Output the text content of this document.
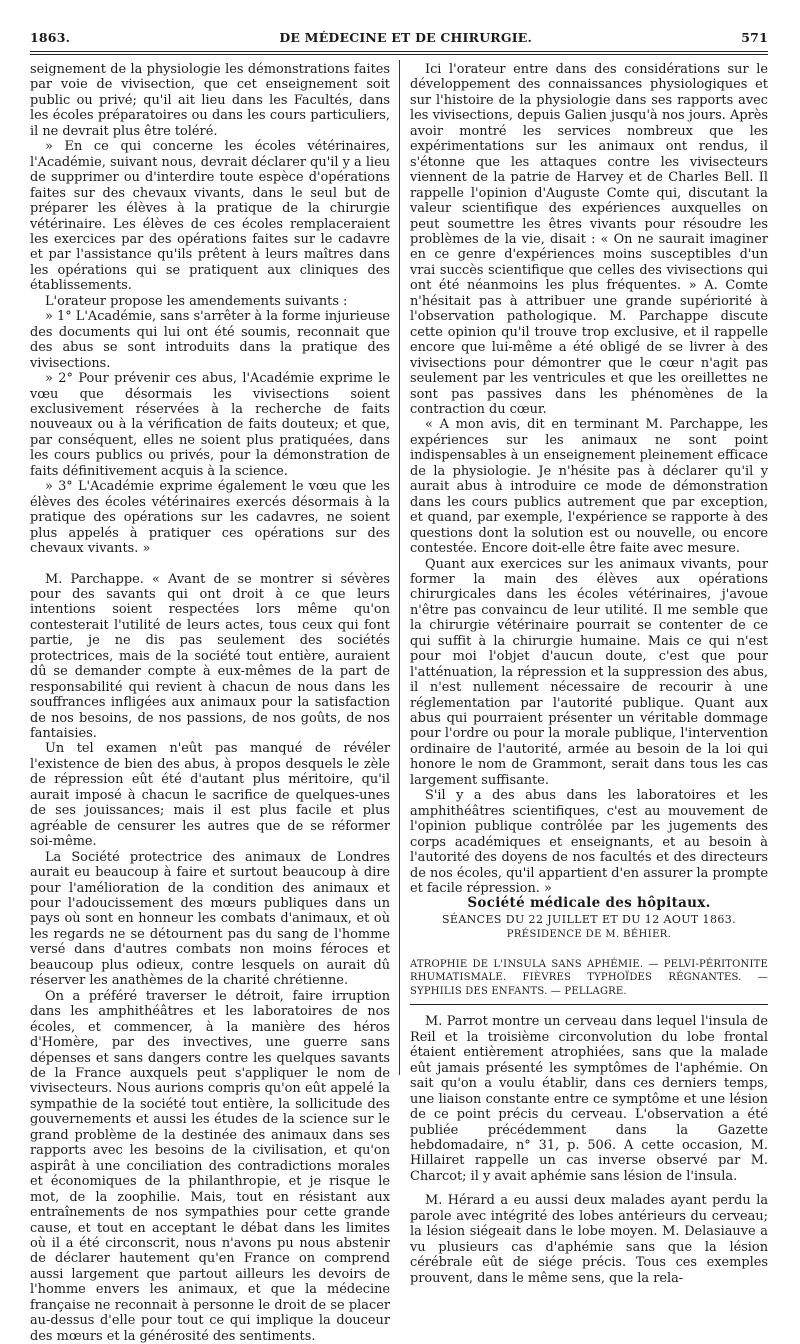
1863.	DE MÉDECINE ET DE CHIRURGIE.	571

seignement de la physiologie les démonstrations faites par voie de vivisection, que cet enseignement soit public ou privé; qu'il ait lieu dans les Facultés, dans les écoles préparatoires ou dans les cours particuliers, il ne devrait plus être toléré.

» En ce qui concerne les écoles vétérinaires, l'Académie, suivant nous, devrait déclarer qu'il y a lieu de supprimer ou d'interdire toute espèce d'opérations faites sur des chevaux vivants, dans le seul but de préparer les élèves à la pratique de la chirurgie vétérinaire. Les élèves de ces écoles remplaceraient les exercices par des opérations faites sur le cadavre et par l'assistance qu'ils prêtent à leurs maîtres dans les opérations qui se pratiquent aux cliniques des établissements.

L'orateur propose les amendements suivants :

» 1° L'Académie, sans s'arrêter à la forme injurieuse des documents qui lui ont été soumis, reconnait que des abus se sont introduits dans la pratique des vivisections.

» 2° Pour prévenir ces abus, l'Académie exprime le vœu que désormais les vivisections soient exclusivement réservées à la recherche de faits nouveaux ou à la vérification de faits douteux; et que, par conséquent, elles ne soient plus pratiquées, dans les cours publics ou privés, pour la démonstration de faits définitivement acquis à la science.

» 3° L'Académie exprime également le vœu que les élèves des écoles vétérinaires exercés désormais à la pratique des opérations sur les cadavres, ne soient plus appelés à pratiquer ces opérations sur des chevaux vivants. »

M. Parchappe. « Avant de se montrer si sévères pour des savants qui ont droit à ce que leurs intentions soient respectées lors même qu'on contesterait l'utilité de leurs actes, tous ceux qui font partie, je ne dis pas seulement des sociétés protectrices, mais de la société tout entière, auraient dû se demander compte à eux-mêmes de la part de responsabilité qui revient à chacun de nous dans les souffrances infligées aux animaux pour la satisfaction de nos besoins, de nos passions, de nos goûts, de nos fantaisies.

Un tel examen n'eût pas manqué de révéler l'existence de bien des abus, à propos desquels le zèle de répression eût été d'autant plus méritoire, qu'il aurait imposé à chacun le sacrifice de quelques-unes de ses jouissances; mais il est plus facile et plus agréable de censurer les autres que de se réformer soi-même.

La Société protectrice des animaux de Londres aurait eu beaucoup à faire et surtout beaucoup à dire pour l'amélioration de la condition des animaux et pour l'adoucissement des mœurs publiques dans un pays où sont en honneur les combats d'animaux, et où les regards ne se détournent pas du sang de l'homme versé dans d'autres combats non moins féroces et beaucoup plus odieux, contre lesquels on aurait dû réserver les anathèmes de la charité chrétienne.

On a préféré traverser le détroit, faire irruption dans les amphithéâtres et les laboratoires de nos écoles, et commencer, à la manière des héros d'Homère, par des invectives, une guerre sans dépenses et sans dangers contre les quelques savants de la France auxquels peut s'appliquer le nom de vivisecteurs. Nous aurions compris qu'on eût appelé la sympathie de la société tout entière, la sollicitude des gouvernements et aussi les études de la science sur le grand problème de la destinée des animaux dans ses rapports avec les besoins de la civilisation, et qu'on aspirât à une conciliation des contradictions morales et économiques de la philanthropie, et je risque le mot, de la zoophilie. Mais, tout en résistant aux entraînements de nos sympathies pour cette grande cause, et tout en acceptant le débat dans les limites où il a été circonscrit, nous n'avons pu nous abstenir de déclarer hautement qu'en France on comprend aussi largement que partout ailleurs les devoirs de l'homme envers les animaux, et que la médecine française ne reconnait à personne le droit de se placer au-dessus d'elle pour tout ce qui implique la douceur des mœurs et la générosité des sentiments.

Ici l'orateur entre dans des considérations sur le développement des connaissances physiologiques et sur l'histoire de la physiologie dans ses rapports avec les vivisections, depuis Galien jusqu'à nos jours. Après avoir montré les services nombreux que les expérimentations sur les animaux ont rendus, il s'étonne que les attaques contre les vivisecteurs viennent de la patrie de Harvey et de Charles Bell. Il rappelle l'opinion d'Auguste Comte qui, discutant la valeur scientifique des expériences auxquelles on peut soumettre les êtres vivants pour résoudre les problèmes de la vie, disait : « On ne saurait imaginer en ce genre d'expériences moins susceptibles d'un vrai succès scientifique que celles des vivisections qui ont été néanmoins les plus fréquentes. » A. Comte n'hésitait pas à attribuer une grande supériorité à l'observation pathologique. M. Parchappe discute cette opinion qu'il trouve trop exclusive, et il rappelle encore que lui-même a été obligé de se livrer à des vivisections pour démontrer que le cœur n'agit pas seulement par les ventricules et que les oreillettes ne sont pas passives dans les phénomènes de la contraction du cœur.

« A mon avis, dit en terminant M. Parchappe, les expériences sur les animaux ne sont point indispensables à un enseignement pleinement efficace de la physiologie. Je n'hésite pas à déclarer qu'il y aurait abus à introduire ce mode de démonstration dans les cours publics autrement que par exception, et quand, par exemple, l'expérience se rapporte à des questions dont la solution est ou nouvelle, ou encore contestée. Encore doit-elle être faite avec mesure.

Quant aux exercices sur les animaux vivants, pour former la main des élèves aux opérations chirurgicales dans les écoles vétérinaires, j'avoue n'être pas convaincu de leur utilité. Il me semble que la chirurgie vétérinaire pourrait se contenter de ce qui suffit à la chirurgie humaine. Mais ce qui n'est pour moi l'objet d'aucun doute, c'est que pour l'atténuation, la répression et la suppression des abus, il n'est nullement nécessaire de recourir à une réglementation par l'autorité publique. Quant aux abus qui pourraient présenter un véritable dommage pour l'ordre ou pour la morale publique, l'intervention ordinaire de l'autorité, armée au besoin de la loi qui honore le nom de Grammont, serait dans tous les cas largement suffisante.

S'il y a des abus dans les laboratoires et les amphithéâtres scientifiques, c'est au mouvement de l'opinion publique contrôlée par les jugements des corps académiques et enseignants, et au besoin à l'autorité des doyens de nos facultés et des directeurs de nos écoles, qu'il appartient d'en assurer la prompte et facile répression. »

Société médicale des hôpitaux.

SÉANCES DU 22 JUILLET ET DU 12 AOUT 1863.

PRÉSIDENCE DE M. BÉHIER.

ATROPHIE DE L'INSULA SANS APHÉMIE. — PELVI-PÉRITONITE RHUMATISMALE. FIÈVRES TYPHOÏDES RÉGNANTES. — SYPHILIS DES ENFANTS. — PELLAGRE.

M. Parrot montre un cerveau dans lequel l'insula de Reil et la troisième circonvolution du lobe frontal étaient entièrement atrophiées, sans que la malade eût jamais présenté les symptômes de l'aphémie. On sait qu'on a voulu établir, dans ces derniers temps, une liaison constante entre ce symptôme et une lésion de ce point précis du cerveau. L'observation a été publiée précédemment dans la Gazette hebdomadaire, n° 31, p. 506. A cette occasion, M. Hillairet rappelle un cas inverse observé par M. Charcot; il y avait aphémie sans lésion de l'insula.

M. Hérard a eu aussi deux malades ayant perdu la parole avec intégrité des lobes antérieurs du cerveau; la lésion siégeait dans le lobe moyen. M. Delasiauve a vu plusieurs cas d'aphémie sans que la lésion cérébrale eût de siége précis. Tous ces exemples prouvent, dans le même sens, que la rela-
